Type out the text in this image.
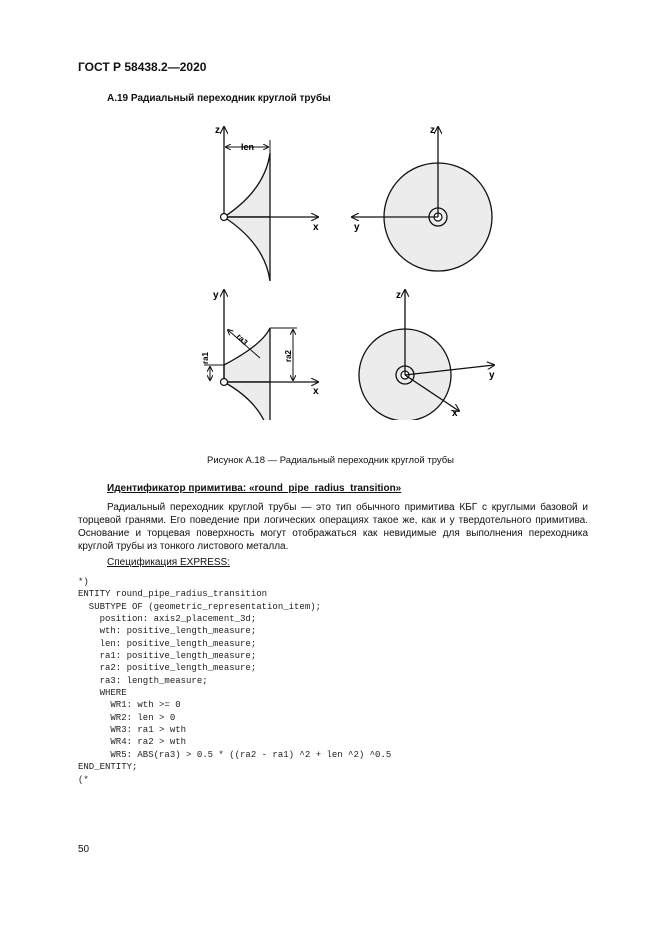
ГОСТ Р 58438.2—2020
А.19 Радиальный переходник круглой трубы
z
x
len
z
y
y
x
ra1	ra2
ra3
z
y
x
Рисунок А.18 — Радиальный переходник круглой трубы
Идентификатор примитива: «round_pipe_radius_transition»

Радиальный переходник круглой трубы — это тип обычного примитива КБГ с круглыми базовой и торцевой гранями. Его поведение при логических операциях такое же, как и у твердотельного примитива. Основание и торцевая поверхность могут отображаться как невидимые для выполнения переходника круглой трубы из тонкого листового металла.

Спецификация EXPRESS:
*)
ENTITY round_pipe_radius_transition
SUBTYPE OF (geometric_representation_item);
position: axis2_placement_3d;
wth: positive_length_measure;
len: positive_length_measure;
ra1: positive_length_measure;
ra2: positive_length_measure;
ra3: length_measure;
WHERE
WR1: wth >= 0
WR2: len > 0
WR3: ra1 > wth
WR4: ra2 > wth
WR5: ABS(ra3) > 0.5 * ((ra2 - ra1) ^2 + len ^2) ^0.5
END_ENTITY;
(*
50
